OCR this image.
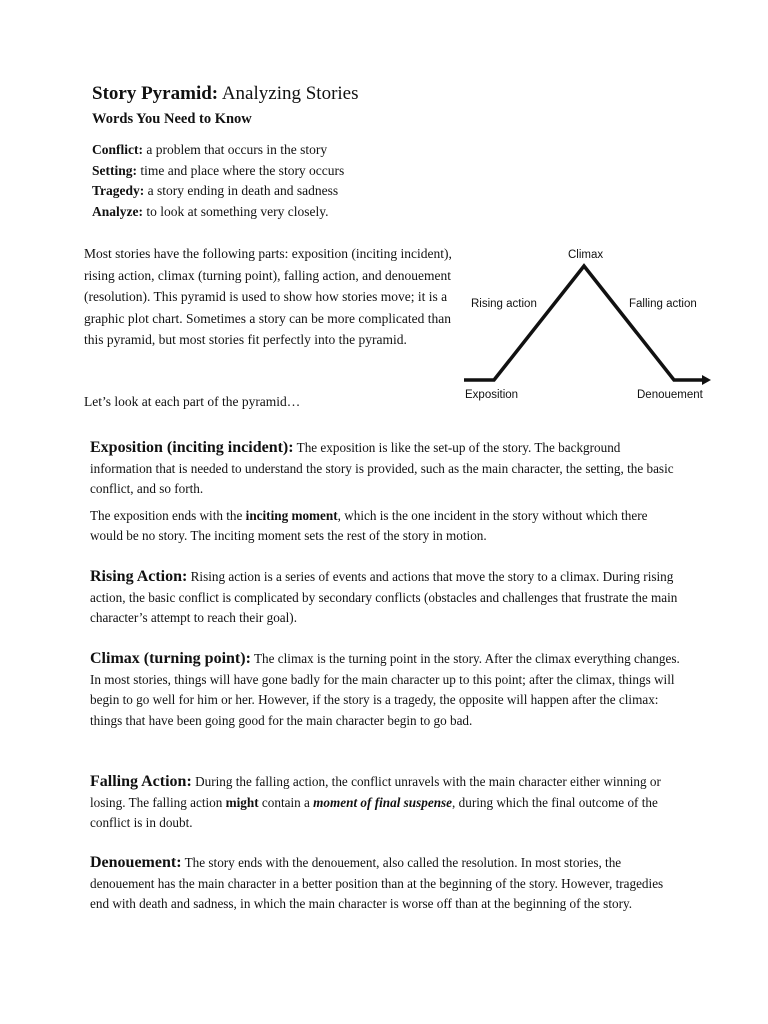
Story Pyramid: Analyzing Stories
Words You Need to Know
Conflict: a problem that occurs in the story
Setting: time and place where the story occurs
Tragedy: a story ending in death and sadness
Analyze: to look at something very closely.
Most stories have the following parts: exposition (inciting incident), rising action, climax (turning point), falling action, and denouement (resolution). This pyramid is used to show how stories move; it is a graphic plot chart. Sometimes a story can be more complicated than this pyramid, but most stories fit perfectly into the pyramid.
Let’s look at each part of the pyramid…
Climax
Rising action	Falling action
Exposition	Denouement

Exposition (inciting incident): The exposition is like the set-up of the story. The background information that is needed to understand the story is provided, such as the main character, the setting, the basic conflict, and so forth.

The exposition ends with the inciting moment, which is the one incident in the story without which there would be no story. The inciting moment sets the rest of the story in motion.

Rising Action: Rising action is a series of events and actions that move the story to a climax. During rising action, the basic conflict is complicated by secondary conflicts (obstacles and challenges that frustrate the main character’s attempt to reach their goal).

Climax (turning point): The climax is the turning point in the story. After the climax everything changes. In most stories, things will have gone badly for the main character up to this point; after the climax, things will begin to go well for him or her. However, if the story is a tragedy, the opposite will happen after the climax: things that have been going good for the main character begin to go bad.

Falling Action: During the falling action, the conflict unravels with the main character either winning or losing. The falling action might contain a moment of final suspense, during which the final outcome of the conflict is in doubt.

Denouement: The story ends with the denouement, also called the resolution. In most stories, the denouement has the main character in a better position than at the beginning of the story. However, tragedies end with death and sadness, in which the main character is worse off than at the beginning of the story.
